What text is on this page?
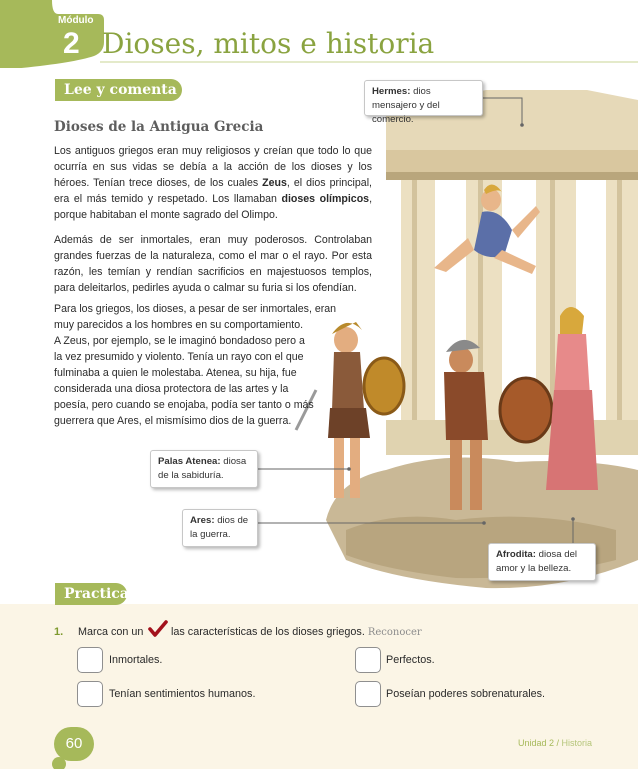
Módulo
2 Dioses, mitos e historia
Lee y comenta
Dioses de la Antigua Grecia
Los antiguos griegos eran muy religiosos y creían que todo lo que ocurría en sus vidas se debía a la acción de los dioses y los héroes. Tenían trece dioses, de los cuales Zeus, el dios principal, era el más temido y respetado. Los llamaban dioses olímpicos, porque habitaban el monte sagrado del Olimpo.
Además de ser inmortales, eran muy poderosos. Controlaban grandes fuerzas de la naturaleza, como el mar o el rayo. Por esta razón, les temían y rendían sacrificios en majestuosos templos, para deleitarlos, pedirles ayuda o calmar su furia si los ofendían.
Para los griegos, los dioses, a pesar de ser inmortales, eran
muy parecidos a los hombres en su comportamiento.
A Zeus, por ejemplo, se le imaginó bondadoso pero a
la vez presumido y violento. Tenía un rayo con el que
fulminaba a quien le molestaba. Atenea, su hija, fue
considerada una diosa protectora de las artes y la
poesía, pero cuando se enojaba, podía ser tanto o más
guerrera que Ares, el mismísimo dios de la guerra.
Hermes: dios mensajero y del comercio.
Palas Atenea: diosa de la sabiduría.
Ares: dios de la guerra.
Afrodita: diosa del amor y la belleza.
Practica
1. Marca con un	las características de los dioses griegos. Reconocer
Inmortales.	Perfectos.
Tenían sentimientos humanos.	Poseían poderes sobrenaturales.
60	Unidad 2 / Historia
